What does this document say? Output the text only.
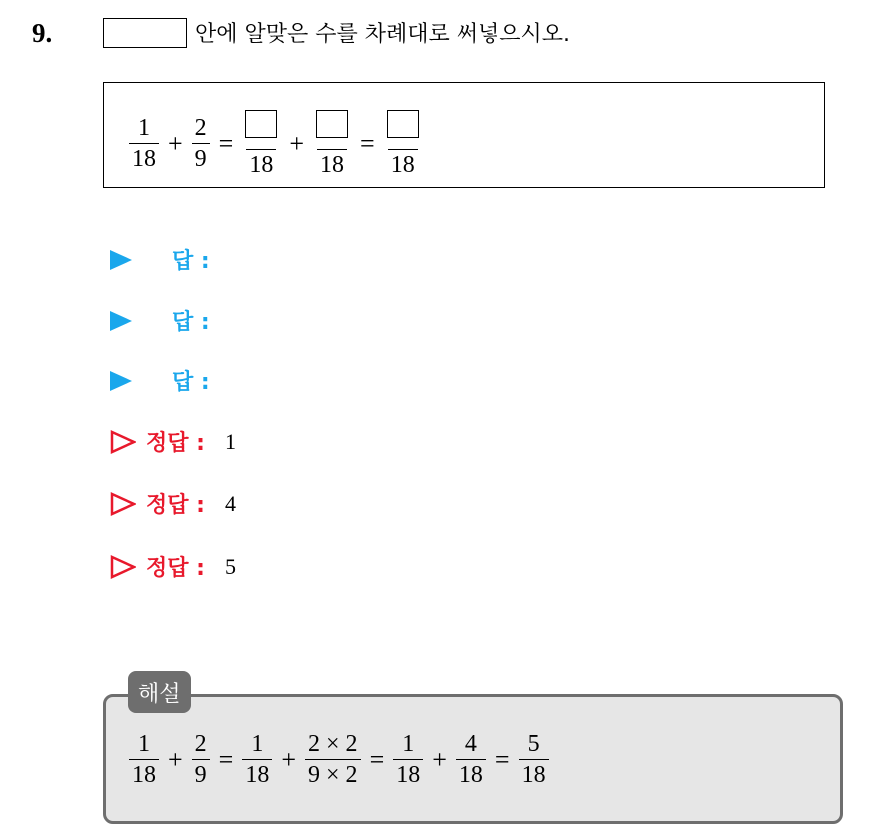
9.	안에 알맞은 수를 차례대로 써넣으시오.
$\frac{1}{18} + \frac{2}{9}$ =
18
+
18
=
18
답 :
답 :
답 :
정답 : 1
정답 : 4
정답 : 5
해설
$\frac{1}{18} + \frac{2}{9} = \frac{1}{18} + \frac{2 \times 2}{9 \times 2} = \frac{1}{18} + \frac{4}{18} = \frac{5}{18}$
